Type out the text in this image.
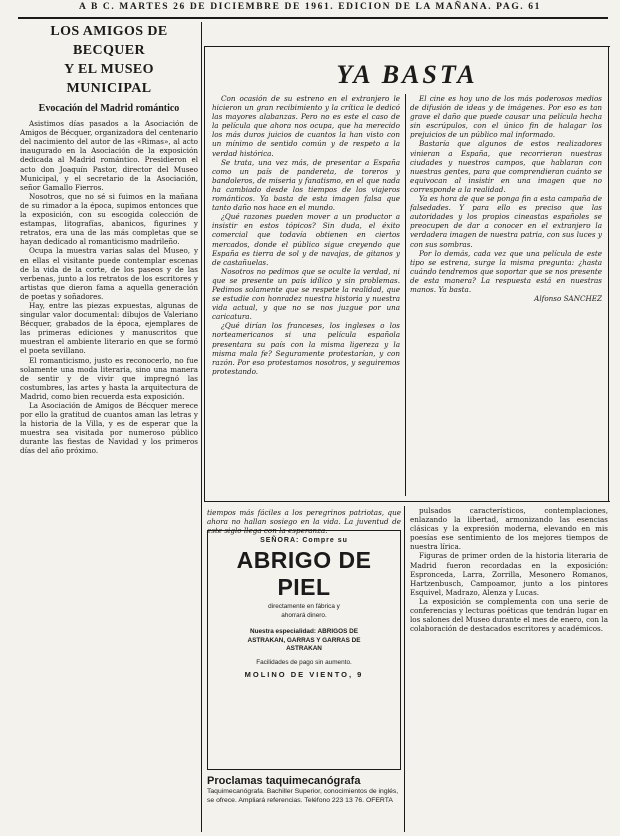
A B C. MARTES 26 DE DICIEMBRE DE 1961. EDICION DE LA MAÑANA. PAG. 61
LOS AMIGOS DE BECQUER
Y EL MUSEO MUNICIPAL
Evocación del Madrid romántico

Asistimos días pasados a la Asociación de Amigos de Bécquer, organizadora del centenario del nacimiento del autor de las «Rimas», al acto inaugurado en la Asociación de la exposición dedicada al Madrid romántico. Presidieron el acto don Joaquín Pastor, director del Museo Municipal, y el secretario de la Asociación, señor Gamallo Fierros.

Nosotros, que no sé si fuimos en la mañana de su rimador a la época, supimos entonces que la exposición, con su escogida colección de estampas, litografías, abanicos, figurines y retratos, era una de las más completas que se hayan dedicado al romanticismo madrileño.

Ocupa la muestra varias salas del Museo, y en ellas el visitante puede contemplar escenas de la vida de la corte, de los paseos y de las verbenas, junto a los retratos de los escritores y artistas que dieron fama a aquella generación de poetas y soñadores.

Hay, entre las piezas expuestas, algunas de singular valor documental: dibujos de Valeriano Bécquer, grabados de la época, ejemplares de las primeras ediciones y manuscritos que muestran el ambiente literario en que se formó el poeta sevillano.

El romanticismo, justo es reconocerlo, no fue solamente una moda literaria, sino una manera de sentir y de vivir que impregnó las costumbres, las artes y hasta la arquitectura de Madrid, como bien recuerda esta exposición.

La Asociación de Amigos de Bécquer merece por ello la gratitud de cuantos aman las letras y la historia de la Villa, y es de esperar que la muestra sea visitada por numeroso público durante las fiestas de Navidad y los primeros días del año próximo.

YA BASTA

Con ocasión de su estreno en el extranjero le hicieron un gran recibimiento y la crítica le dedicó las mayores alabanzas. Pero no es este el caso de la película que ahora nos ocupa, que ha merecido los más duros juicios de cuantos la han visto con un mínimo de sentido común y de respeto a la verdad histórica.

Se trata, una vez más, de presentar a España como un país de pandereta, de toreros y bandoleros, de miseria y fanatismo, en el que nada ha cambiado desde los tiempos de los viajeros románticos. Ya basta de esta imagen falsa que tanto daño nos hace en el mundo.

¿Qué razones pueden mover a un productor a insistir en estos tópicos? Sin duda, el éxito comercial que todavía obtienen en ciertos mercados, donde el público sigue creyendo que España es tierra de sol y de navajas, de gitanos y de castañuelas.

Nosotros no pedimos que se oculte la verdad, ni que se presente un país idílico y sin problemas. Pedimos solamente que se respete la realidad, que se estudie con honradez nuestra historia y nuestra vida actual, y que no se nos juzgue por una caricatura.

¿Qué dirían los franceses, los ingleses o los norteamericanos si una película española presentara su país con la misma ligereza y la misma mala fe? Seguramente protestarían, y con razón. Por eso protestamos nosotros, y seguiremos protestando.

El cine es hoy uno de los más poderosos medios de difusión de ideas y de imágenes. Por eso es tan grave el daño que puede causar una película hecha sin escrúpulos, con el único fin de halagar los prejuicios de un público mal informado.

Bastaría que algunos de estos realizadores vinieran a España, que recorrieran nuestras ciudades y nuestros campos, que hablaran con nuestras gentes, para que comprendieran cuánto se equivocan al insistir en una imagen que no corresponde a la realidad.

Ya es hora de que se ponga fin a esta campaña de falsedades. Y para ello es preciso que las autoridades y los propios cineastas españoles se preocupen de dar a conocer en el extranjero la verdadera imagen de nuestra patria, con sus luces y con sus sombras.

Por lo demás, cada vez que una película de este tipo se estrena, surge la misma pregunta: ¿hasta cuándo tendremos que soportar que se nos presente de esta manera? La respuesta está en nuestras manos. Ya basta.

Alfonso SANCHEZ
tiempos más fáciles a los peregrinos patriotas, que ahora no hallan sosiego en la vida. La juventud de este siglo llega con la esperanza.
SEÑORA: Compre su
ABRIGO DE PIEL
directamente en fábrica y
ahorrará dinero.
Nuestra especialidad: ABRIGOS DE
ASTRAKAN, GARRAS Y GARRAS DE
ASTRAKAN
Facilidades de pago sin aumento.
MOLINO DE VIENTO, 9
Proclamas taquimecanógrafa
Taquimecanógrafa. Bachiller Superior, conocimientos de inglés, se ofrece. Ampliará referencias. Teléfono 223 13 76. OFERTA

pulsados característicos, contemplaciones, enlazando la libertad, armonizando las esencias clásicas y la expresión moderna, elevando en mis poesías ese sentimiento de los mejores tiempos de nuestra lírica.

Figuras de primer orden de la historia literaria de Madrid fueron recordadas en la exposición: Espronceda, Larra, Zorrilla, Mesonero Romanos, Hartzenbusch, Campoamor, junto a los pintores Esquivel, Madrazo, Alenza y Lucas.

La exposición se complementa con una serie de conferencias y lecturas poéticas que tendrán lugar en los salones del Museo durante el mes de enero, con la colaboración de destacados escritores y académicos.
